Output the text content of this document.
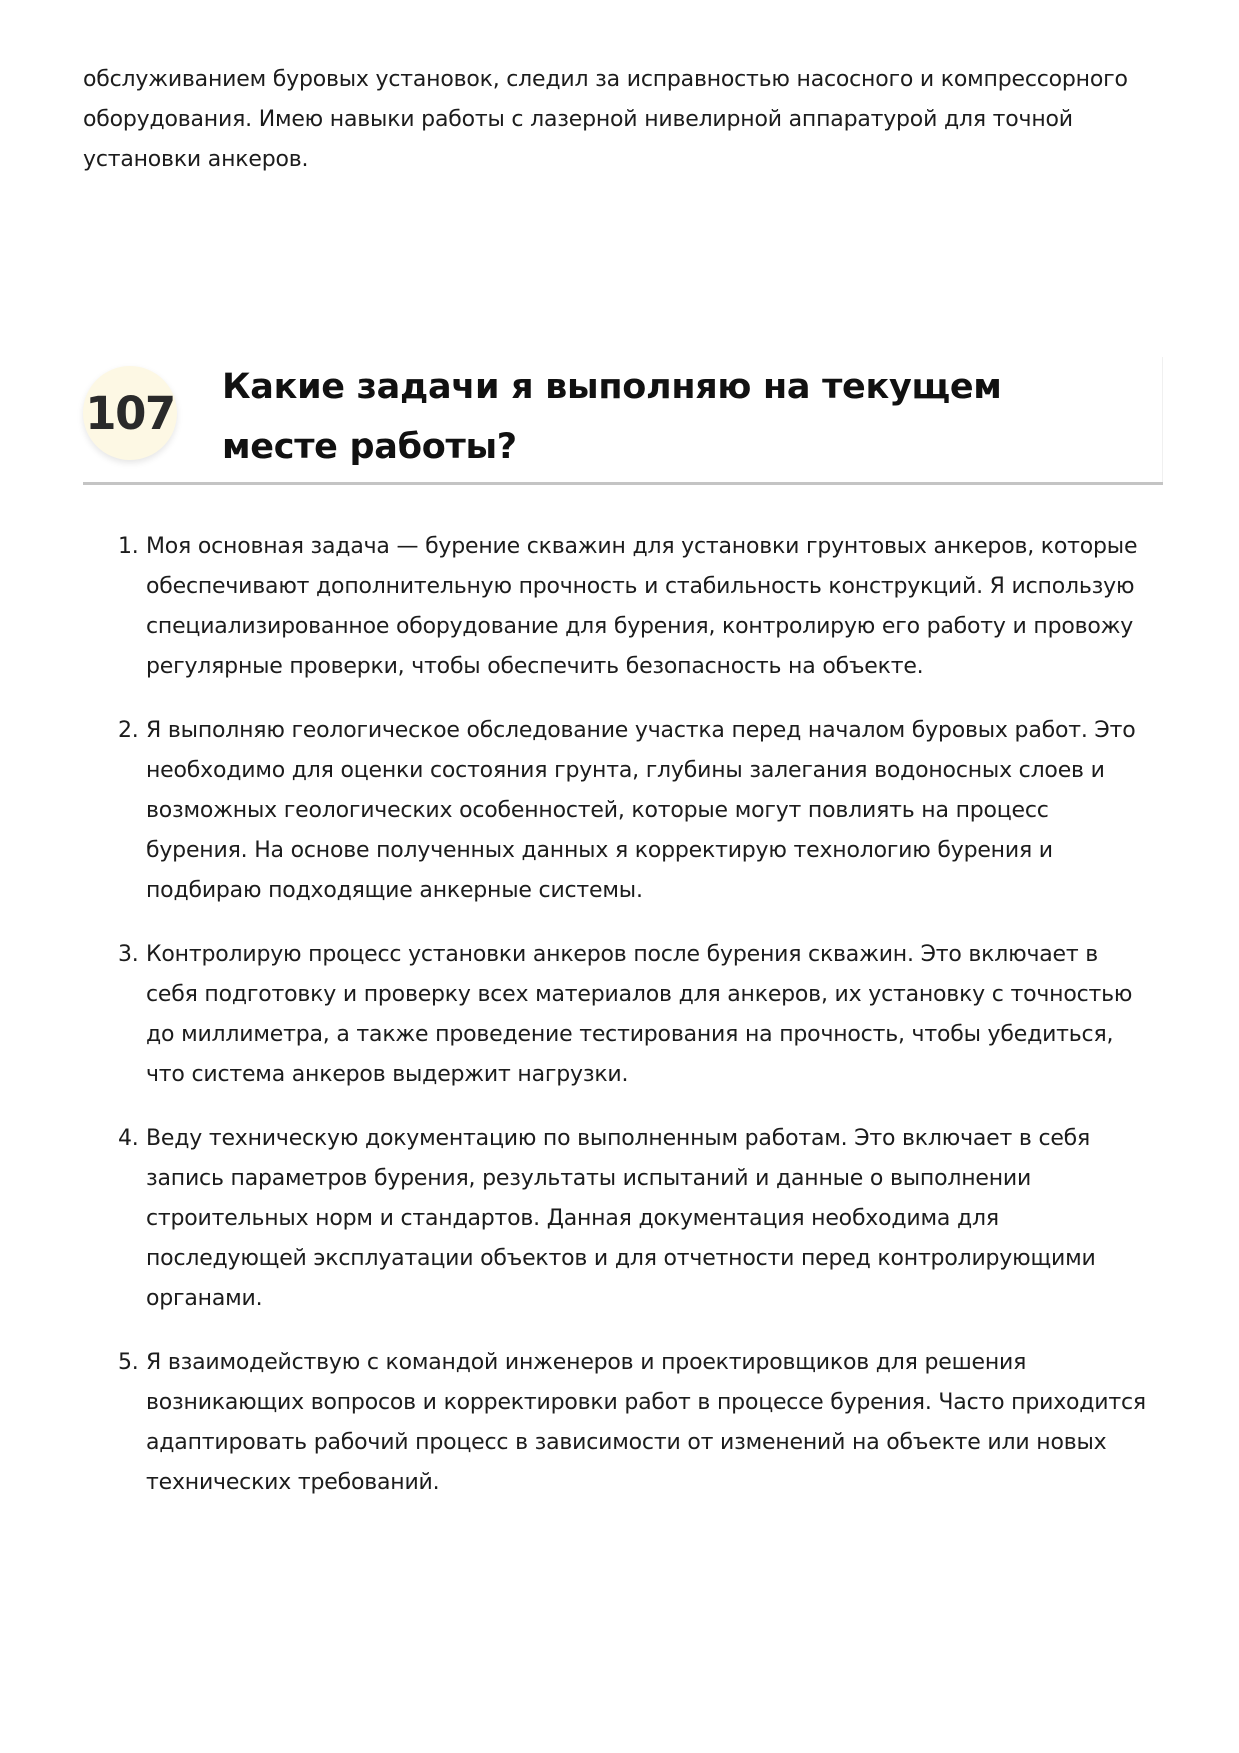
обслуживанием буровых установок, следил за исправностью насосного и компрессорного оборудования. Имею навыки работы с лазерной нивелирной аппаратурой для точной установки анкеров.

107 Какие задачи я выполняю на текущем месте работы?
1. Моя основная задача — бурение скважин для установки грунтовых анкеров, которые обеспечивают дополнительную прочность и стабильность конструкций. Я использую специализированное оборудование для бурения, контролирую его работу и провожу регулярные проверки, чтобы обеспечить безопасность на объекте.
2. Я выполняю геологическое обследование участка перед началом буровых работ. Это необходимо для оценки состояния грунта, глубины залегания водоносных слоев и возможных геологических особенностей, которые могут повлиять на процесс бурения. На основе полученных данных я корректирую технологию бурения и подбираю подходящие анкерные системы.
3. Контролирую процесс установки анкеров после бурения скважин. Это включает в себя подготовку и проверку всех материалов для анкеров, их установку с точностью до миллиметра, а также проведение тестирования на прочность, чтобы убедиться, что система анкеров выдержит нагрузки.
4. Веду техническую документацию по выполненным работам. Это включает в себя запись параметров бурения, результаты испытаний и данные о выполнении строительных норм и стандартов. Данная документация необходима для последующей эксплуатации объектов и для отчетности перед контролирующими органами.
5. Я взаимодействую с командой инженеров и проектировщиков для решения возникающих вопросов и корректировки работ в процессе бурения. Часто приходится адаптировать рабочий процесс в зависимости от изменений на объекте или новых технических требований.
